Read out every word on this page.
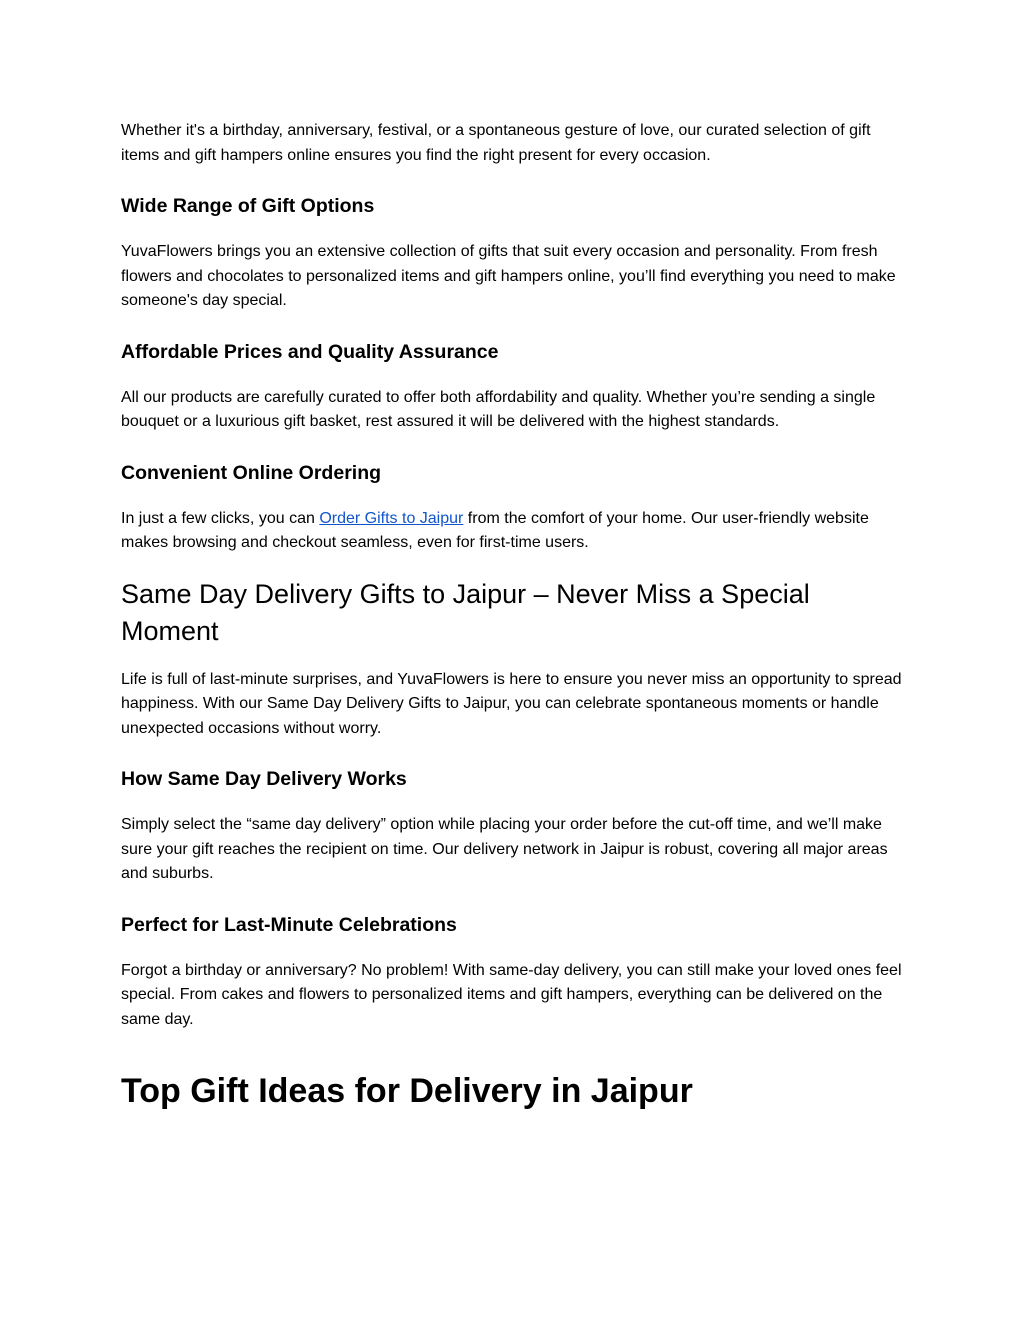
Whether it's a birthday, anniversary, festival, or a spontaneous gesture of love, our curated selection of gift items and gift hampers online ensures you find the right present for every occasion.

Wide Range of Gift Options

YuvaFlowers brings you an extensive collection of gifts that suit every occasion and personality. From fresh flowers and chocolates to personalized items and gift hampers online, you’ll find everything you need to make someone's day special.

Affordable Prices and Quality Assurance

All our products are carefully curated to offer both affordability and quality. Whether you’re sending a single bouquet or a luxurious gift basket, rest assured it will be delivered with the highest standards.

Convenient Online Ordering

In just a few clicks, you can Order Gifts to Jaipur from the comfort of your home. Our user-friendly website makes browsing and checkout seamless, even for first-time users.

Same Day Delivery Gifts to Jaipur – Never Miss a Special Moment

Life is full of last-minute surprises, and YuvaFlowers is here to ensure you never miss an opportunity to spread happiness. With our Same Day Delivery Gifts to Jaipur, you can celebrate spontaneous moments or handle unexpected occasions without worry.

How Same Day Delivery Works

Simply select the “same day delivery” option while placing your order before the cut-off time, and we’ll make sure your gift reaches the recipient on time. Our delivery network in Jaipur is robust, covering all major areas and suburbs.

Perfect for Last-Minute Celebrations

Forgot a birthday or anniversary? No problem! With same-day delivery, you can still make your loved ones feel special. From cakes and flowers to personalized items and gift hampers, everything can be delivered on the same day.

Top Gift Ideas for Delivery in Jaipur
